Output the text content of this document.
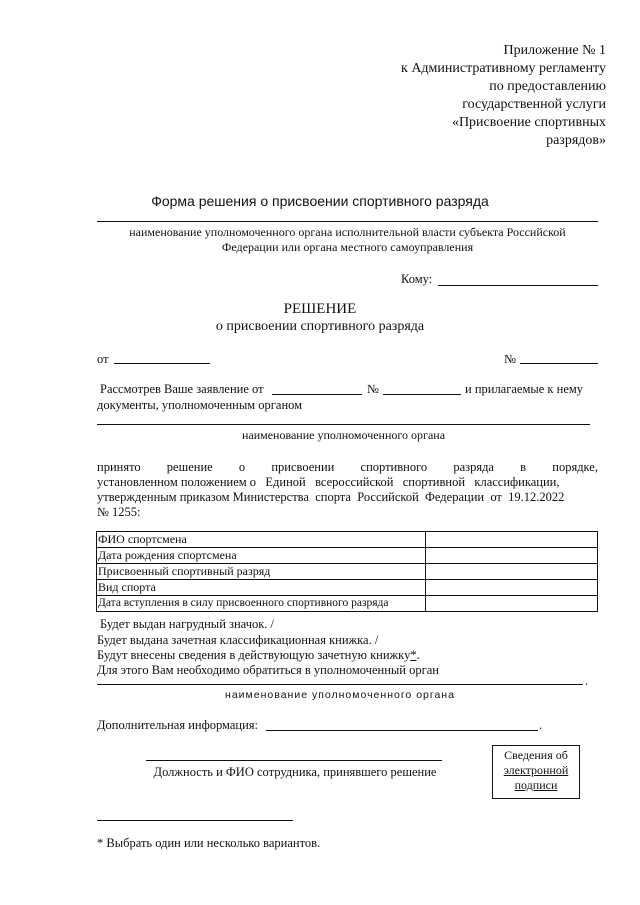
Приложение № 1
к Административному регламенту
по предоставлению
государственной услуги
«Присвоение спортивных
разрядов»
Форма решения о присвоении спортивного разряда
наименование уполномоченного органа исполнительной власти субъекта Российской
Федерации или органа местного самоуправления
Кому:
РЕШЕНИЕ
о присвоении спортивного разряда
от	№
Рассмотрев Ваше заявление от	№	и прилагаемые к нему
документы, уполномоченным органом
наименование уполномоченного органа
принято   решение   о   присвоении   спортивного   разряда   в   порядке,
установленном положением о   Единой   всероссийской   спортивной   классификации,
утвержденным приказом Министерства  спорта  Российской  Федерации  от  19.12.2022
№ 1255:
ФИО спортсмена	
Дата рождения спортсмена	
Присвоенный спортивный разряд	
Вид спорта	
Дата вступления в силу присвоенного спортивного разряда	
Будет выдан нагрудный значок. /
Будет выдана зачетная классификационная книжка. /
Будут внесены сведения в действующую зачетную книжку*.
Для этого Вам необходимо обратиться в уполномоченный орган
.
наименование уполномоченного органа
Дополнительная информация:	.
Должность и ФИО сотрудника, принявшего решение
Сведения об
электронной
подписи
* Выбрать один или несколько вариантов.
